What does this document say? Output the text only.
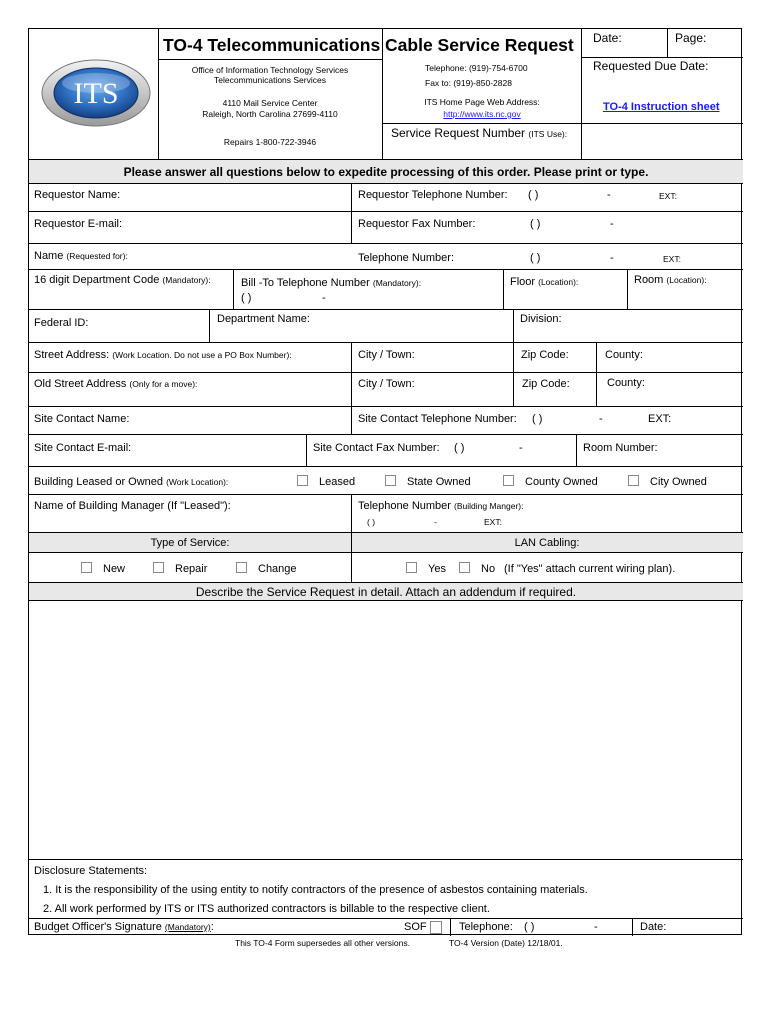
ITS
TO-4 Telecommunications Cable Service Request
Office of Information Technology Services
Telecommunications Services
4110 Mail Service Center
Raleigh, North Carolina 27699-4110
Repairs 1-800-722-3946
Telephone: (919)-754-6700
Fax to: (919)-850-2828
ITS Home Page Web Address:
http://www.its.nc.gov
Service Request Number (ITS Use):
Date:	Page:
Requested Due Date:
TO-4 Instruction sheet
Please answer all questions below to expedite processing of this order. Please print or type.
Requestor Name:	Requestor Telephone Number: ( )	-	EXT:
Requestor E-mail:	Requestor Fax Number:	( )	-
Name (Requested for):	Telephone Number:	( )	-	EXT:
16 digit Department Code (Mandatory):	Bill -To Telephone Number (Mandatory):
( )	-
Floor (Location):	Room (Location):
Federal ID:	Department Name:	Division:
Street Address: (Work Location. Do not use a PO Box Number):	City / Town:	Zip Code:	County:
Old Street Address (Only for a move):	City / Town:	Zip Code:	County:
Site Contact Name:	Site Contact Telephone Number: ( )	-	EXT:
Site Contact E-mail:	Site Contact Fax Number: ( )	-	Room Number:
Building Leased or Owned (Work Location):	Leased	State Owned	County Owned	City Owned
Name of Building Manager (If "Leased"):	Telephone Number (Building Manger):
( )	-	EXT:
Type of Service:	LAN Cabling:
New	Repair	Change	Yes	No (If "Yes" attach current wiring plan).
Describe the Service Request in detail. Attach an addendum if required.
Disclosure Statements:
1. It is the responsibility of the using entity to notify contractors of the presence of asbestos containing materials.
2. All work performed by ITS or ITS authorized contractors is billable to the respective client.
Budget Officer's Signature (Mandatory):	SOF	Telephone: ( )	-	Date:
This TO-4 Form supersedes all other versions.	TO-4 Version (Date) 12/18/01.
